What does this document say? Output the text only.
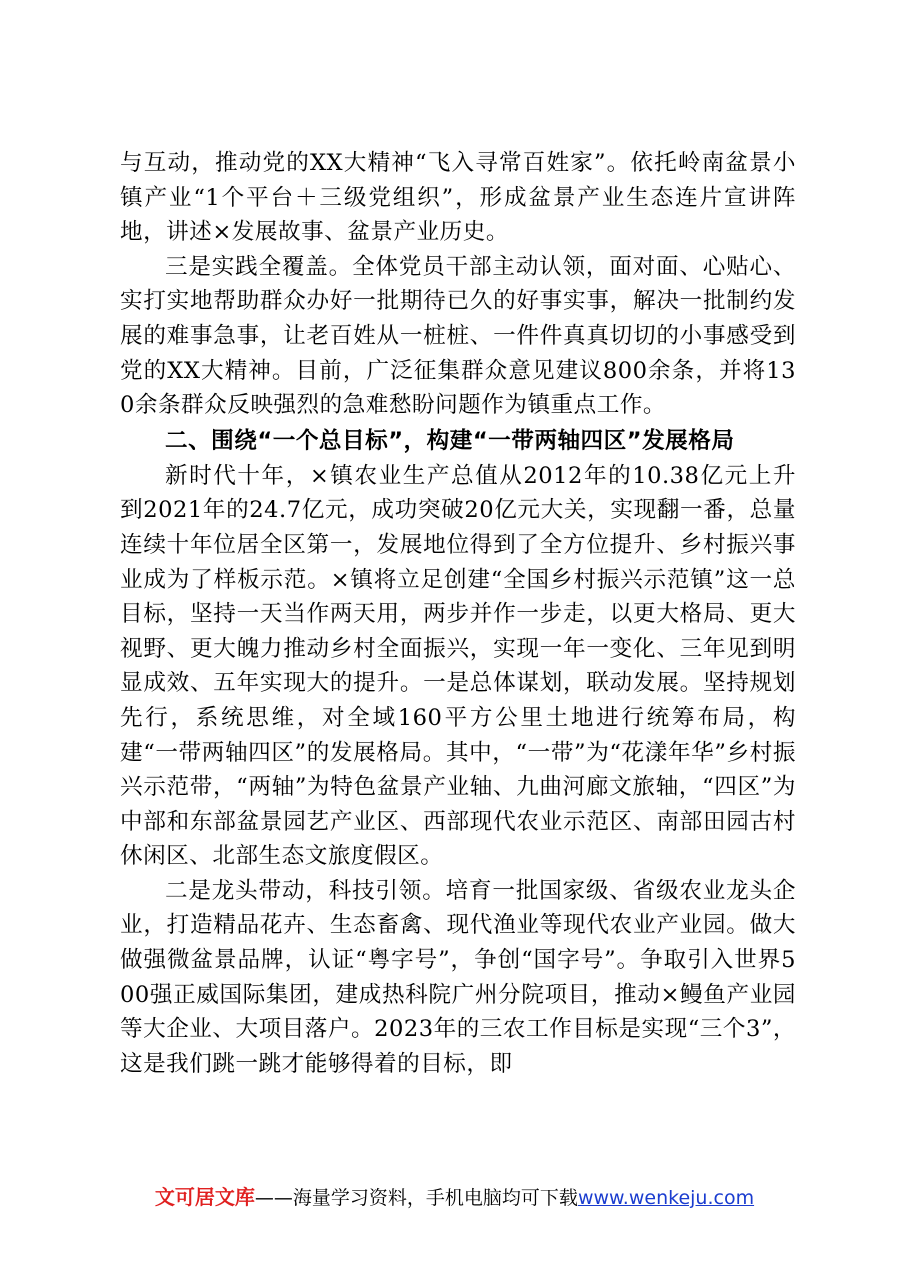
与互动，推动党的XX大精神“飞入寻常百姓家”。依托岭南盆景小镇产业“1个平台＋三级党组织”，形成盆景产业生态连片宣讲阵地，讲述×发展故事、盆景产业历史。

三是实践全覆盖。全体党员干部主动认领，面对面、心贴心、实打实地帮助群众办好一批期待已久的好事实事，解决一批制约发展的难事急事，让老百姓从一桩桩、一件件真真切切的小事感受到党的XX大精神。目前，广泛征集群众意见建议800余条，并将130余条群众反映强烈的急难愁盼问题作为镇重点工作。

二、围绕“一个总目标”，构建“一带两轴四区”发展格局

新时代十年，×镇农业生产总值从2012年的10.38亿元上升到2021年的24.7亿元，成功突破20亿元大关，实现翻一番，总量连续十年位居全区第一，发展地位得到了全方位提升、乡村振兴事业成为了样板示范。×镇将立足创建“全国乡村振兴示范镇”这一总目标，坚持一天当作两天用，两步并作一步走，以更大格局、更大视野、更大魄力推动乡村全面振兴，实现一年一变化、三年见到明显成效、五年实现大的提升。一是总体谋划，联动发展。坚持规划先行，系统思维，对全域160平方公里土地进行统筹布局，构建“一带两轴四区”的发展格局。其中，“一带”为“花漾年华”乡村振兴示范带，“两轴”为特色盆景产业轴、九曲河廊文旅轴，“四区”为中部和东部盆景园艺产业区、西部现代农业示范区、南部田园古村休闲区、北部生态文旅度假区。

二是龙头带动，科技引领。培育一批国家级、省级农业龙头企业，打造精品花卉、生态畜禽、现代渔业等现代农业产业园。做大做强微盆景品牌，认证“粤字号”，争创“国字号”。争取引入世界500强正威国际集团，建成热科院广州分院项目，推动×鳗鱼产业园等大企业、大项目落户。2023年的三农工作目标是实现“三个3”，这是我们跳一跳才能够得着的目标，即

文可居文库——海量学习资料，手机电脑均可下载www.wenkeju.com
